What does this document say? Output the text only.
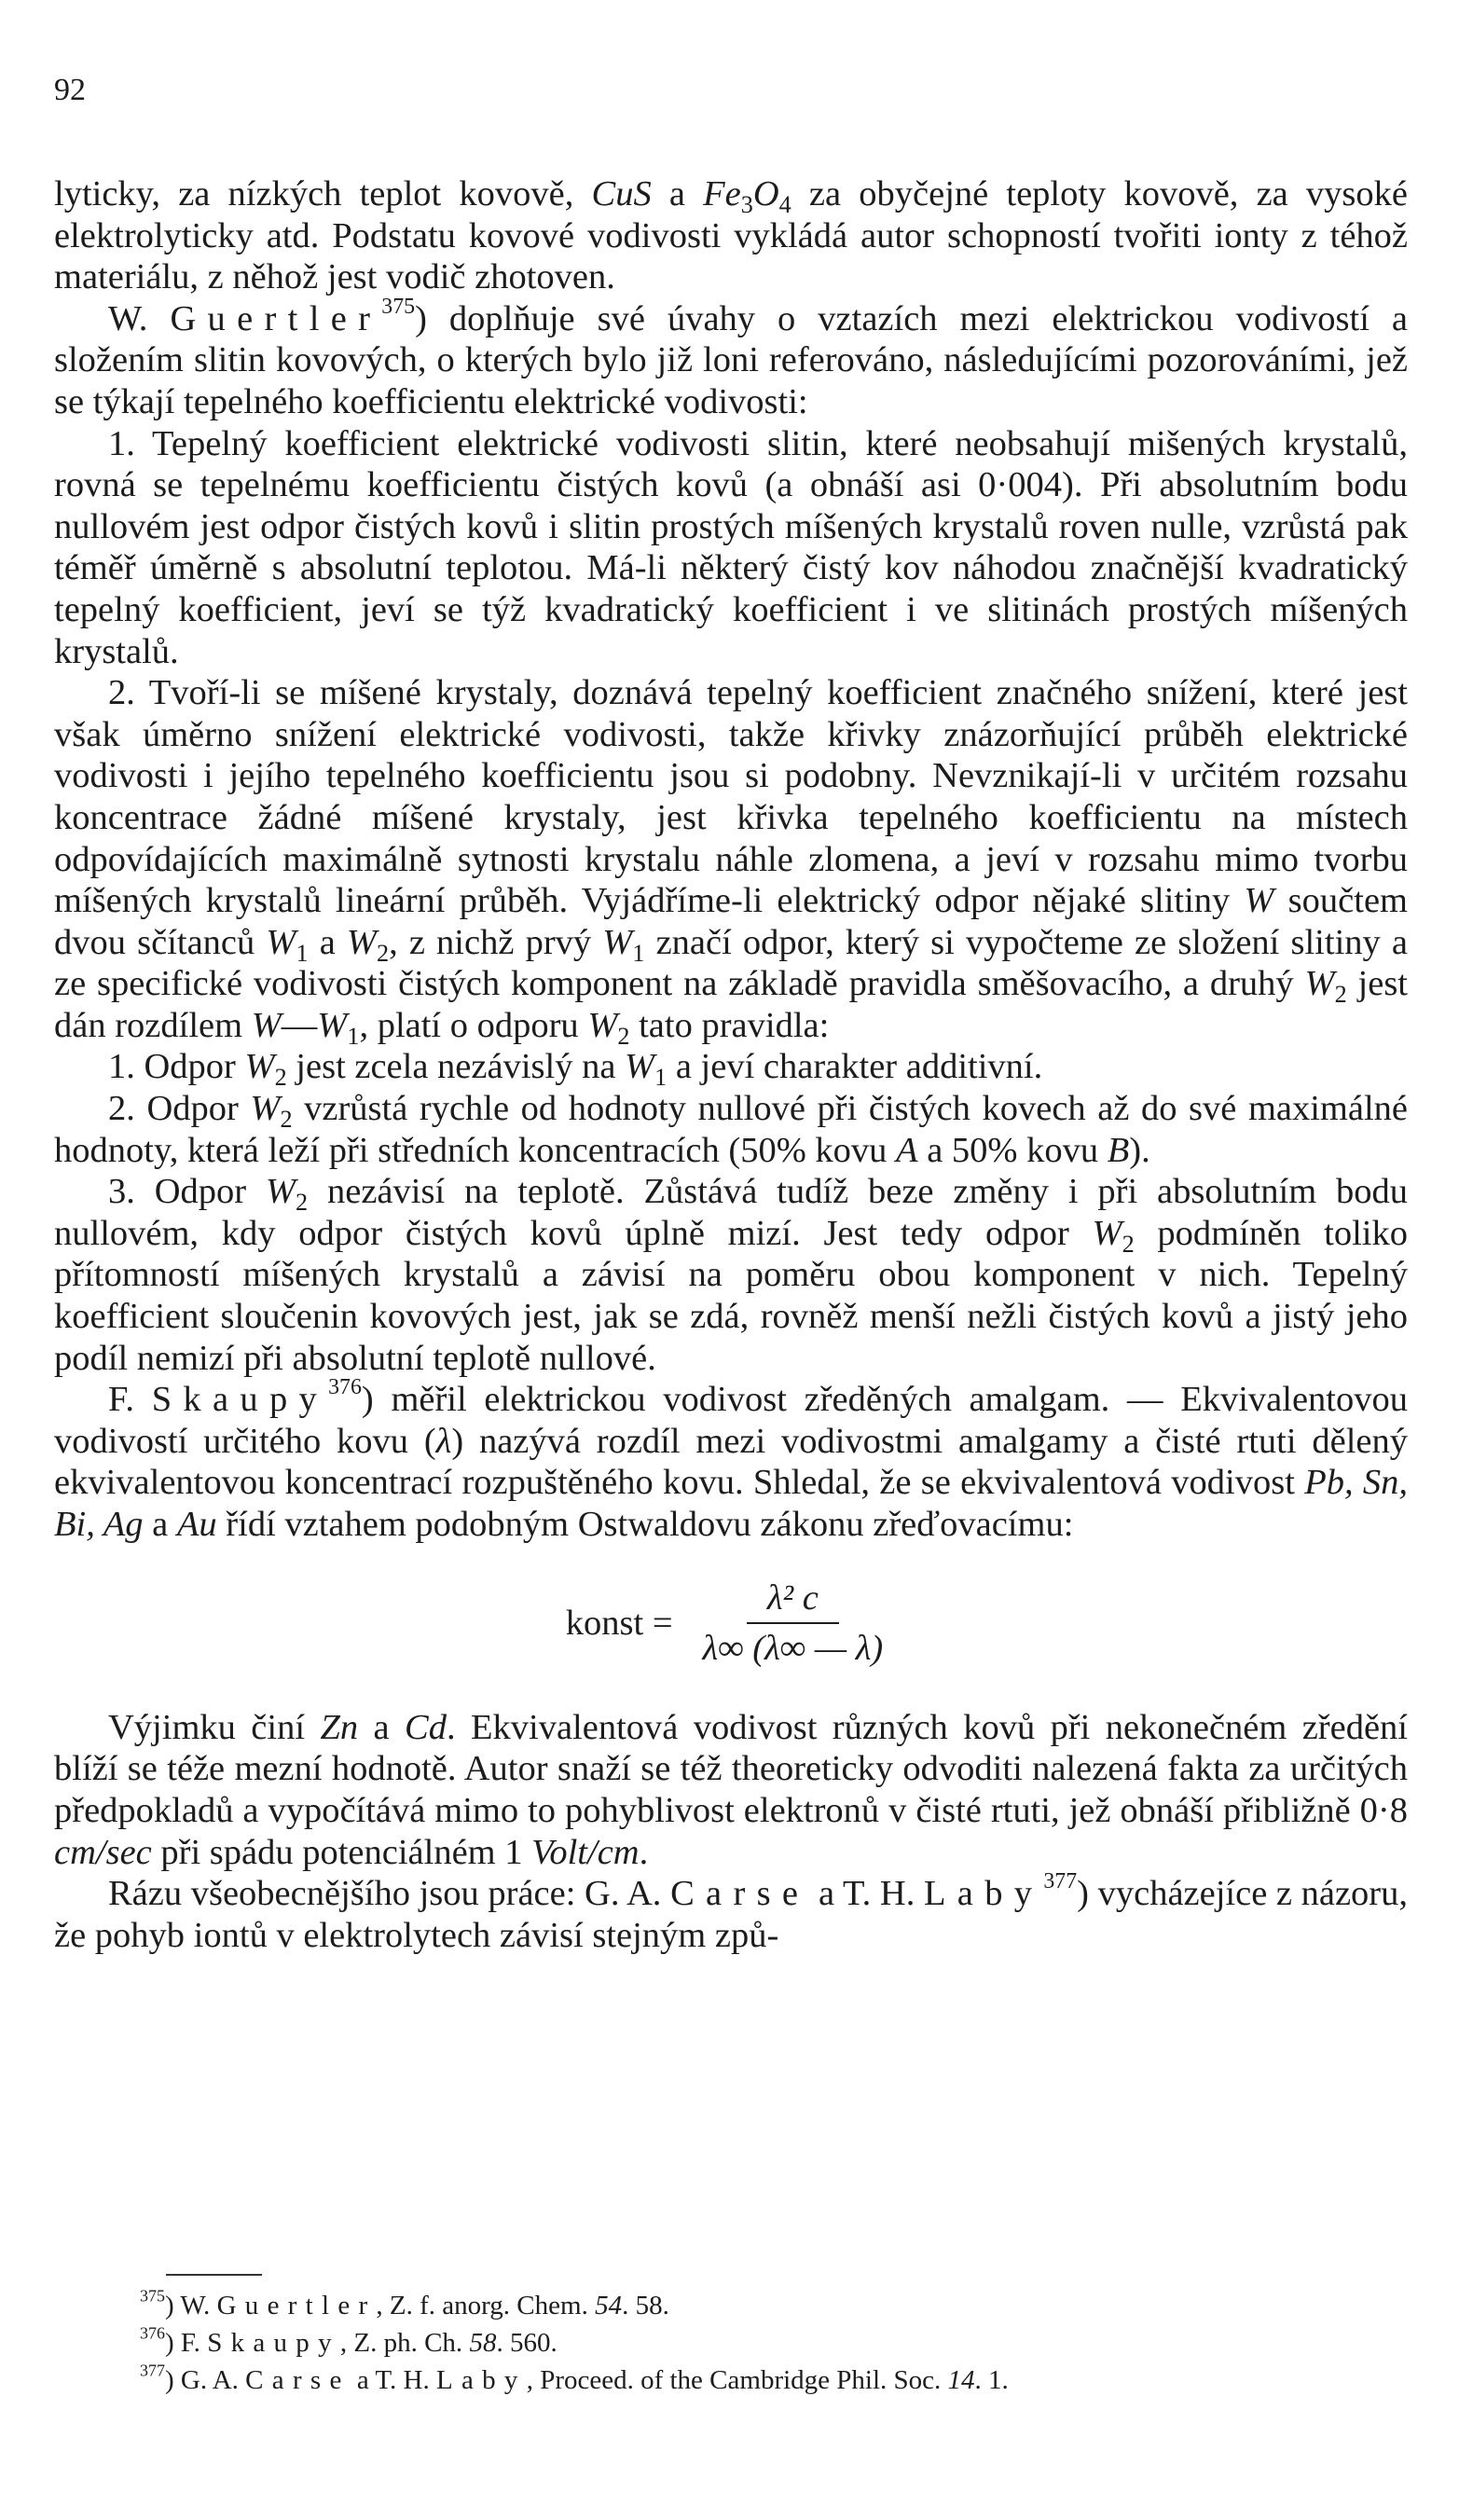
92

lyticky, za nízkých teplot kovově, CuS a $Fe_3O_4$ za obyčejné teploty kovově, za vysoké elektrolyticky atd. Podstatu kovové vodivosti vykládá autor schopností tvořiti ionty z téhož materiálu, z něhož jest vodič zhotoven.

W. Guertler$^{375}$) doplňuje své úvahy o vztazích mezi elektrickou vodivostí a složením slitin kovových, o kterých bylo již loni referováno, následujícími pozorováními, jež se týkají tepelného koefficientu elektrické vodivosti:

1. Tepelný koefficient elektrické vodivosti slitin, které neobsahují mišených krystalů, rovná se tepelnému koefficientu čistých kovů (a obnáší asi 0·004). Při absolutním bodu nullovém jest odpor čistých kovů i slitin prostých míšených krystalů roven nulle, vzrůstá pak téměř úměrně s absolutní teplotou. Má-li některý čistý kov náhodou značnější kvadratický tepelný koefficient, jeví se týž kvadratický koefficient i ve slitinách prostých míšených krystalů.

2. Tvoří-li se míšené krystaly, doznává tepelný koefficient značného snížení, které jest však úměrno snížení elektrické vodivosti, takže křivky znázorňující průběh elektrické vodivosti i jejího tepelného koefficientu jsou si podobny. Nevznikají-li v určitém rozsahu koncentrace žádné míšené krystaly, jest křivka tepelného koefficientu na místech odpovídajících maximálně sytnosti krystalu náhle zlomena, a jeví v rozsahu mimo tvorbu míšených krystalů lineární průběh. Vyjádříme-li elektrický odpor nějaké slitiny W součtem dvou sčítanců $W_1$ a $W_2$, z nichž prvý $W_1$ značí odpor, který si vypočteme ze složení slitiny a ze specifické vodivosti čistých komponent na základě pravidla směšovacího, a druhý $W_2$ jest dán rozdílem $W—W_1$, platí o odporu $W_2$ tato pravidla:

1. Odpor $W_2$ jest zcela nezávislý na $W_1$ a jeví charakter additivní.

2. Odpor $W_2$ vzrůstá rychle od hodnoty nullové při čistých kovech až do své maximálné hodnoty, která leží při středních koncentracích (50% kovu A a 50% kovu B).

3. Odpor $W_2$ nezávisí na teplotě. Zůstává tudíž beze změny i při absolutním bodu nullovém, kdy odpor čistých kovů úplně mizí. Jest tedy odpor $W_2$ podmíněn toliko přítomností míšených krystalů a závisí na poměru obou komponent v nich. Tepelný koefficient sloučenin kovových jest, jak se zdá, rovněž menší nežli čistých kovů a jistý jeho podíl nemizí při absolutní teplotě nullové.

F. Skaupy$^{376}$) měřil elektrickou vodivost zředěných amalgam. — Ekvivalentovou vodivostí určitého kovu (λ) nazývá rozdíl mezi vodivostmi amalgamy a čisté rtuti dělený ekvivalentovou koncentrací rozpuštěného kovu. Shledal, že se ekvivalentová vodivost Pb, Sn, Bi, Ag a Au řídí vztahem podobným Ostwaldovu zákonu zřeďovacímu:

konst = $\frac{\text{λ² c}}{\lambda\infty (\lambda\infty — \lambda)}$

Výjimku činí Zn a Cd. Ekvivalentová vodivost různých kovů při nekonečném zředění blíží se téže mezní hodnotě. Autor snaží se též theoreticky odvoditi nalezená fakta za určitých předpokladů a vypočítává mimo to pohyblivost elektronů v čisté rtuti, jež obnáší přibližně 0·8 cm/sec při spádu potenciálném 1 Volt/cm.

Rázu všeobecnějšího jsou práce: G. A. Carse a T. H. Laby$^{377}$) vycházejíce z názoru, že pohyb iontů v elektrolytech závisí stejným způ-

$^{375}$) W. Guertler, Z. f. anorg. Chem. 54. 58.
$^{376}$) F. Skaupy, Z. ph. Ch. 58. 560.
$^{377}$) G. A. Carse a T. H. Laby, Proceed. of the Cambridge Phil. Soc. 14. 1.
